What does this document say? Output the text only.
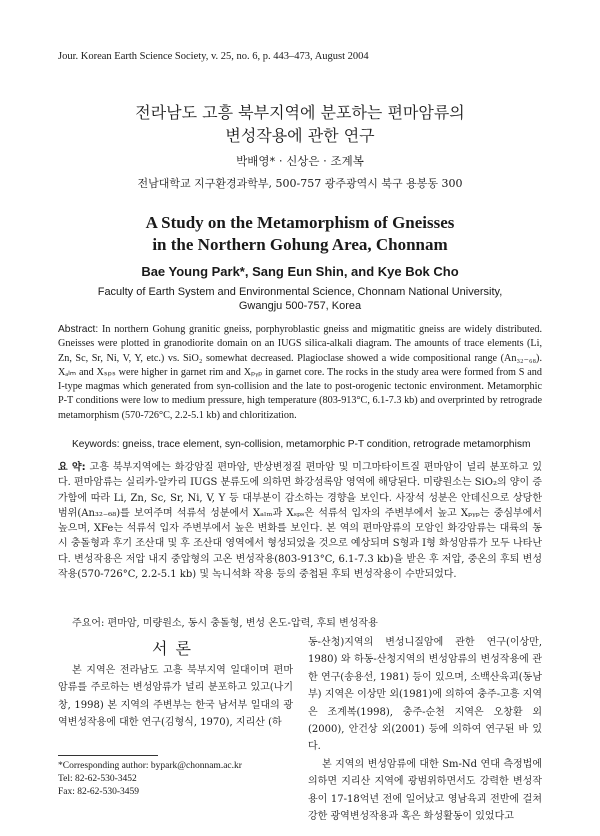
Jour. Korean Earth Science Society, v. 25, no. 6, p. 443–473, August 2004
전라남도 고흥 북부지역에 분포하는 편마암류의
변성작용에 관한 연구
박배영* · 신상은 · 조계복
전남대학교 지구환경과학부, 500-757 광주광역시 북구 용봉동 300
A Study on the Metamorphism of Gneisses
in the Northern Gohung Area, Chonnam
Bae Young Park*, Sang Eun Shin, and Kye Bok Cho
Faculty of Earth System and Environmental Science, Chonnam National University,
Gwangju 500-757, Korea
Abstract: In northern Gohung granitic gneiss, porphyroblastic gneiss and migmatitic gneiss are widely distributed. Gneisses were plotted in granodiorite domain on an IUGS silica-alkali diagram. The amounts of trace elements (Li, Zn, Sc, Sr, Ni, V, Y, etc.) vs. SiO₂ somewhat decreased. Plagioclase showed a wide compositional range (An₃₂₋₆₈). Xₐₗₘ and Xₛₚₛ were higher in garnet rim and Xₚᵧₚ in garnet core. The rocks in the study area were formed from S and I-type magmas which generated from syn-collision and the late to post-orogenic tectonic environment. Metamorphic P-T conditions were low to medium pressure, high temperature (803-913°C, 6.1-7.3 kb) and overprinted by retrograde metamorphism (570-726°C, 2.2-5.1 kb) and chloritization.
Keywords: gneiss, trace element, syn-collision, metamorphic P-T condition, retrograde metamorphism
요 약: 고흥 북부지역에는 화강암질 편마암, 반상변정질 편마암 및 미그마타이트질 편마암이 널리 분포하고 있다. 편마암류는 실리카-알카리 IUGS 분류도에 의하면 화강섬록암 영역에 해당된다. 미량원소는 SiO₂의 양이 증가함에 따라 Li, Zn, Sc, Sr, Ni, V, Y 등 대부분이 감소하는 경향을 보인다. 사장석 성분은 안데신으로 상당한 범위(An₃₂₋₆₈)를 보여주며 석류석 성분에서 Xₐₗₘ과 Xₛₚₛ은 석류석 입자의 주변부에서 높고 Xₚᵧₚ는 중심부에서 높으며, XFe는 석류석 입자 주변부에서 높은 변화를 보인다. 본 역의 편마암류의 모암인 화강암류는 대륙의 동시 충돌형과 후기 조산대 및 후 조산대 영역에서 형성되었을 것으로 예상되며 S형과 I형 화성암류가 모두 나타난다. 변성작용은 저압 내지 중압형의 고온 변성작용(803-913°C, 6.1-7.3 kb)을 받은 후 저압, 중온의 후퇴 변성작용(570-726°C, 2.2-5.1 kb) 및 녹니석화 작용 등의 중첩된 후퇴 변성작용이 수반되었다.
주요어: 편마암, 미량원소, 동시 충돌형, 변성 온도-압력, 후퇴 변성작용
서론
본 지역은 전라남도 고흥 북부지역 일대이며 편마암류를 주로하는 변성암류가 널리 분포하고 있고(나기창, 1998) 본 지역의 주변부는 한국 남서부 일대의 광역변성작용에 대한 연구(김형식, 1970), 지리산 (하
*Corresponding author: bypark@chonnam.ac.kr
Tel: 82-62-530-3452
Fax: 82-62-530-3459

동-산청)지역의 변성니질암에 관한 연구(이상만, 1980) 와 하동-산청지역의 변성암류의 변성작용에 관한 연구(송용선, 1981) 등이 있으며, 소백산육괴(동남부) 지역은 이상만 외(1981)에 의하여 충주-고흥 지역은 조계복(1998), 충주-순천 지역은 오창환 외(2000), 안건상 외(2001) 등에 의하여 연구된 바 있다.

본 지역의 변성암류에 대한 Sm-Nd 연대 측정법에 의하면 지리산 지역에 광범위하면서도 강력한 변성작용이 17-18억년 전에 일어났고 영남육괴 전반에 걸쳐 강한 광역변성작용과 혹은 화성활동이 있었다고
